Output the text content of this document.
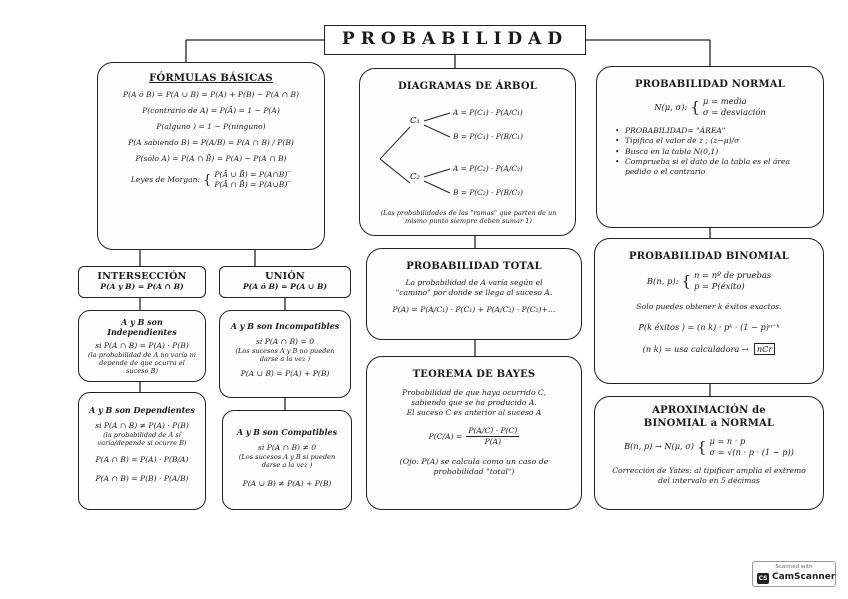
PROBABILIDAD
FÓRMULAS BÁSICAS
P(A ó B) = P(A ∪ B) = P(A) + P(B) − P(A ∩ B)
P(contrario de A) = P(Ā) = 1 − P(A)
P(alguno ) = 1 − P(ninguno)
P(A sabiendo B) = P(A/B) = P(A ∩ B) / P(B)
P(sólo A) = P(A ∩ B̄) = P(A) − P(A ∩ B)
Leyes de Morgan: { P(Ā ∪ B̄) = P(A∩B)‾
P(Ā ∩ B̄) = P(A∪B)‾
DIAGRAMAS DE ÁRBOL
C₁
C₂
A = P(C₁) · P(A/C₁)
B = P(C₁) · P(B/C₁)
A = P(C₂) · P(A/C₂)
B = P(C₂) · P(B/C₂)
(Las probabilidades de las "ramas" que parten de un mismo punto siempre deben sumar 1)
PROBABILIDAD NORMAL
N(μ, σ): { μ = media
σ = desviación
• PROBABILIDAD= "ÁREA"
• Tipifica el valor de z ; (z−μ)/σ
• Busca en la tabla N(0,1)
• Comprueba si el dato de la tabla es el área pedido o el contrario
INTERSECCIÓN
P(A y B) = P(A ∩ B)
UNIÓN
P(A ó B) = P(A ∪ B)
A y B son Independientes
si P(A ∩ B) = P(A) · P(B)
(la probabilidad de A no varía ni depende de que ocurra el suceso B)
A y B son Dependientes
si P(A ∩ B) ≠ P(A) · P(B)
(la probabilidad de A sí varía/depende si ocurre B)
P(A ∩ B) = P(A) · P(B/A)
P(A ∩ B) = P(B) · P(A/B)
A y B son Incompatibles
si P(A ∩ B) = 0
(Los sucesos A y B no pueden darse a la vez )
P(A ∪ B) = P(A) + P(B)
A y B son Compatibles
si P(A ∩ B) ≠ 0
(Los sucesos A y B sí pueden darse a la vez )
P(A ∪ B) ≠ P(A) + P(B)
PROBABILIDAD TOTAL
La probabilidad de A varía según el "camino" por donde se llega al suceso A.
P(A) = P(A/C₁) · P(C₁) + P(A/C₂) · P(C₂)+…
TEOREMA DE BAYES
Probabilidad de que haya ocurrido C,
sabiendo que se ha producido A.
El suceso C es anterior al suceso A
$P(C/A) = \frac{P(A/C) \cdot P(C)}{P(A)}$
(Ojo: P(A) se calcula como un caso de probabilidad "total")
PROBABILIDAD BINOMIAL
B(n, p): { n = nº de pruebas
p = P(éxito)
Solo puedes obtener k éxitos exactos.
P(k éxitos ) = (n k) · pᵏ · (1 − p)ⁿ⁻ᵏ
(n k) = usa calculadora → nCr
APROXIMACIÓN de BINOMIAL a NORMAL
B(n, p) → N(μ, σ) { μ = n · p
σ = √(n · p · (1 − p))
Corrección de Yates: al tipificar amplía el extremo del intervalo en 5 décimas
Scanned with
CS CamScanner
